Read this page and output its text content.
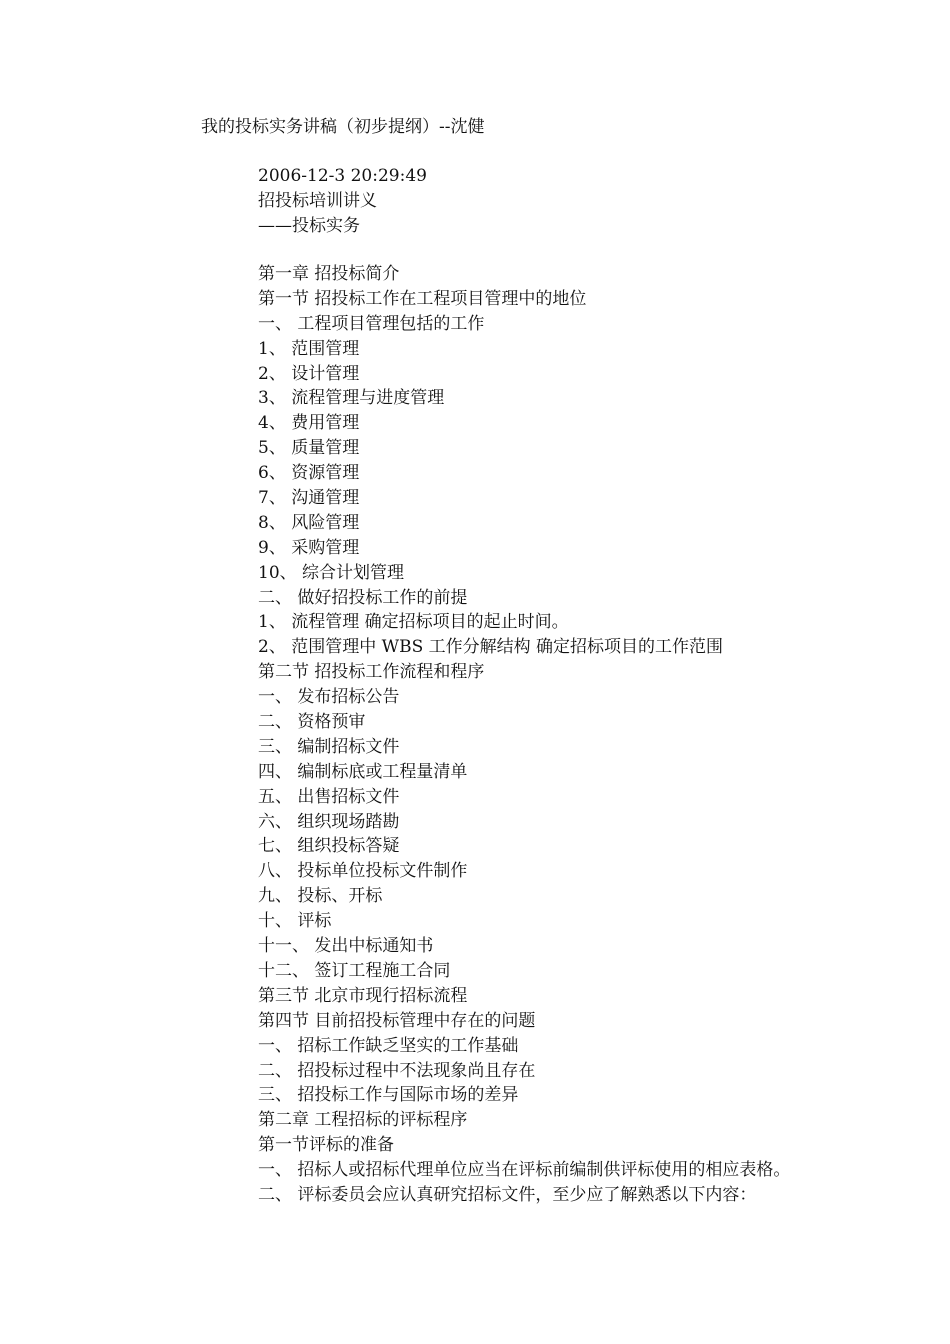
我的投标实务讲稿（初步提纲）--沈健
2006-12-3 20:29:49
招投标培训讲义
——投标实务
第一章 招投标简介
第一节 招投标工作在工程项目管理中的地位
一、 工程项目管理包括的工作
1、 范围管理
2、 设计管理
3、 流程管理与进度管理
4、 费用管理
5、 质量管理
6、 资源管理
7、 沟通管理
8、 风险管理
9、 采购管理
10、 综合计划管理
二、 做好招投标工作的前提
1、 流程管理 确定招标项目的起止时间。
2、 范围管理中 WBS 工作分解结构 确定招标项目的工作范围
第二节 招投标工作流程和程序
一、 发布招标公告
二、 资格预审
三、 编制招标文件
四、 编制标底或工程量清单
五、 出售招标文件
六、 组织现场踏勘
七、 组织投标答疑
八、 投标单位投标文件制作
九、 投标、开标
十、 评标
十一、 发出中标通知书
十二、 签订工程施工合同
第三节 北京市现行招标流程
第四节 目前招投标管理中存在的问题
一、 招标工作缺乏坚实的工作基础
二、 招投标过程中不法现象尚且存在
三、 招投标工作与国际市场的差异
第二章 工程招标的评标程序
第一节评标的准备
一、 招标人或招标代理单位应当在评标前编制供评标使用的相应表格。
二、 评标委员会应认真研究招标文件，至少应了解熟悉以下内容：
